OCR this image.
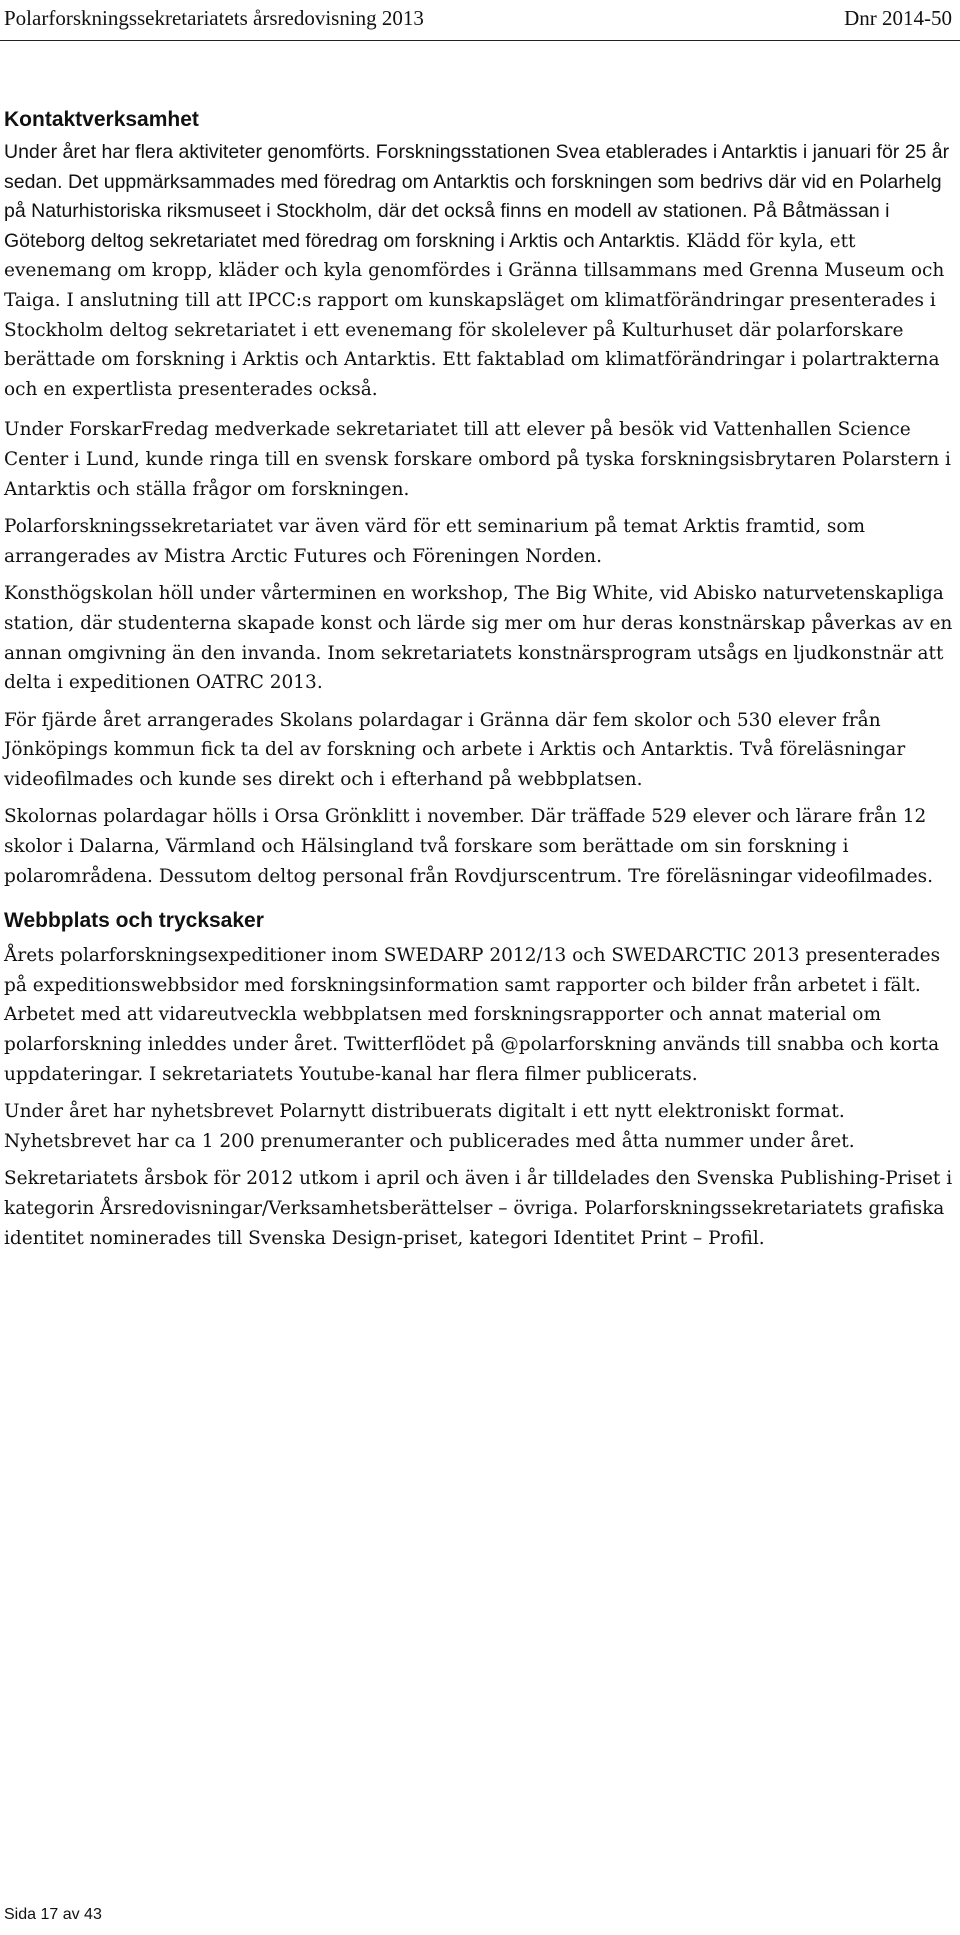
Polarforskningssekretariatets årsredovisning 2013	Dnr 2014-50
Kontaktverksamhet

Under året har flera aktiviteter genomförts. Forskningsstationen Svea etablerades i Antarktis i januari för 25 år sedan. Det uppmärksammades med föredrag om Antarktis och forskningen som bedrivs där vid en Polarhelg på Naturhistoriska riksmuseet i Stockholm, där det också finns en modell av stationen. På Båtmässan i Göteborg deltog sekretariatet med föredrag om forskning i Arktis och Antarktis. Klädd för kyla, ett evenemang om kropp, kläder och kyla genomfördes i Gränna tillsammans med Grenna Museum och Taiga. I anslutning till att IPCC:s rapport om kunskapsläget om klimatförändringar presenterades i Stockholm deltog sekretariatet i ett evenemang för skolelever på Kulturhuset där polarforskare berättade om forskning i Arktis och Antarktis. Ett faktablad om klimatförändringar i polartrakterna och en expertlista presenterades också.

Under ForskarFredag medverkade sekretariatet till att elever på besök vid Vattenhallen Science Center i Lund, kunde ringa till en svensk forskare ombord på tyska forskningsisbrytaren Polarstern i Antarktis och ställa frågor om forskningen.

Polarforskningssekretariatet var även värd för ett seminarium på temat Arktis framtid, som arrangerades av Mistra Arctic Futures och Föreningen Norden.

Konsthögskolan höll under vårterminen en workshop, The Big White, vid Abisko naturvetenskapliga station, där studenterna skapade konst och lärde sig mer om hur deras konstnärskap påverkas av en annan omgivning än den invanda. Inom sekretariatets konstnärsprogram utsågs en ljudkonstnär att delta i expeditionen OATRC 2013.

För fjärde året arrangerades Skolans polardagar i Gränna där fem skolor och 530 elever från Jönköpings kommun fick ta del av forskning och arbete i Arktis och Antarktis. Två föreläsningar videofilmades och kunde ses direkt och i efterhand på webbplatsen.

Skolornas polardagar hölls i Orsa Grönklitt i november. Där träffade 529 elever och lärare från 12 skolor i Dalarna, Värmland och Hälsingland två forskare som berättade om sin forskning i polarområdena. Dessutom deltog personal från Rovdjurscentrum. Tre föreläsningar videofilmades.

Webbplats och trycksaker

Årets polarforskningsexpeditioner inom SWEDARP 2012/13 och SWEDARCTIC 2013 presenterades på expeditionswebbsidor med forskningsinformation samt rapporter och bilder från arbetet i fält. Arbetet med att vidareutveckla webbplatsen med forskningsrapporter och annat material om polarforskning inleddes under året. Twitterflödet på @polarforskning används till snabba och korta uppdateringar. I sekretariatets Youtube-kanal har flera filmer publicerats.

Under året har nyhetsbrevet Polarnytt distribuerats digitalt i ett nytt elektroniskt format. Nyhetsbrevet har ca 1 200 prenumeranter och publicerades med åtta nummer under året.

Sekretariatets årsbok för 2012 utkom i april och även i år tilldelades den Svenska Publishing-Priset i kategorin Årsredovisningar/Verksamhetsberättelser – övriga. Polarforskningssekretariatets grafiska identitet nominerades till Svenska Design-priset, kategori Identitet Print – Profil.

Sida 17 av 43
